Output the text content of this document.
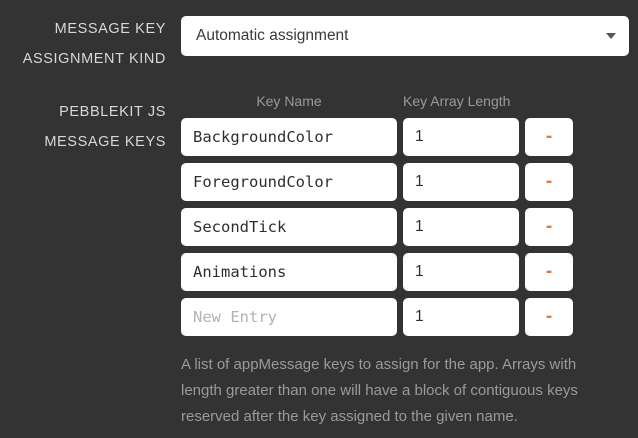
MESSAGE KEY
ASSIGNMENT KIND
Automatic assignment
PEBBLEKIT JS
MESSAGE KEYS
Key Name	Key Array Length
BackgroundColor	1	-
ForegroundColor	1	-
SecondTick	1	-
Animations	1	-
New Entry	1	-
A list of appMessage keys to assign for the app. Arrays with length greater than one will have a block of contiguous keys reserved after the key assigned to the given name.
